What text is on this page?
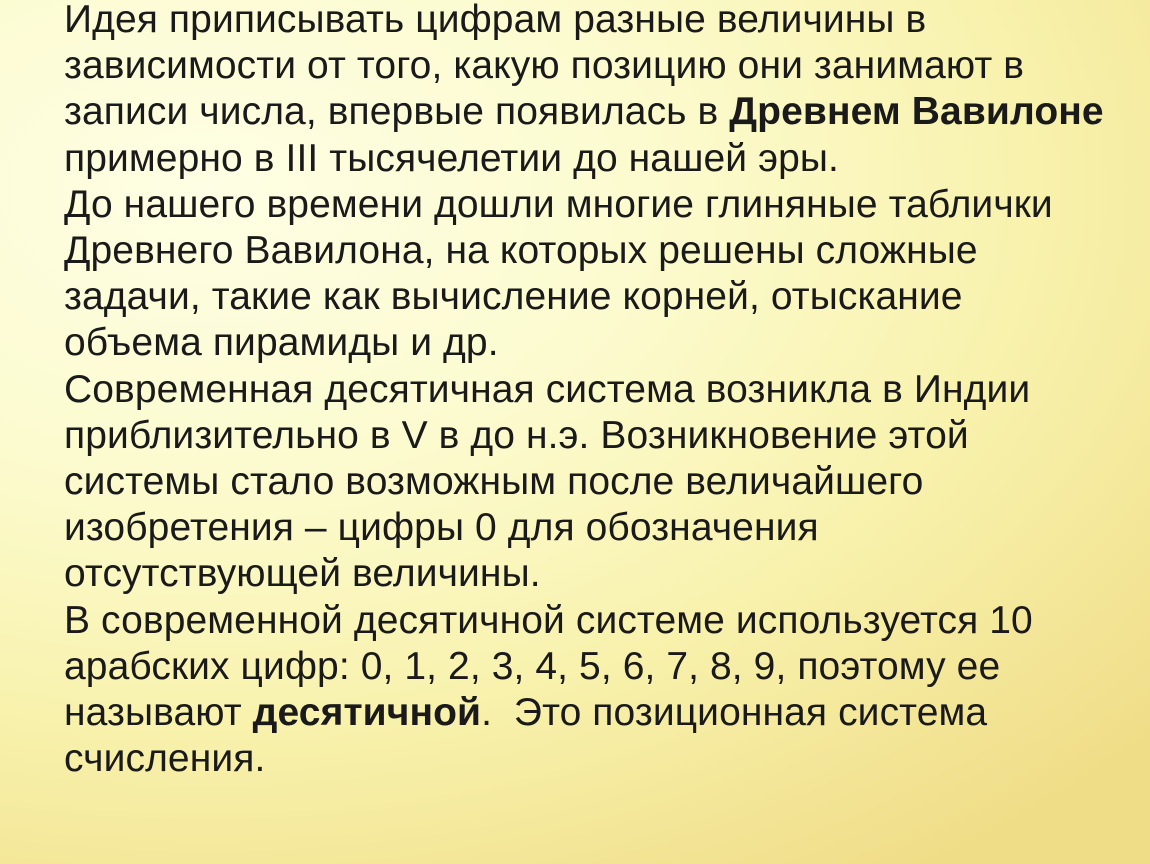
Идея приписывать цифрам разные величины в
зависимости от того, какую позицию они занимают в
записи числа, впервые появилась в Древнем Вавилоне
примерно в III тысячелетии до нашей эры.
До нашего времени дошли многие глиняные таблички
Древнего Вавилона, на которых решены сложные
задачи, такие как вычисление корней, отыскание
объема пирамиды и др.
Современная десятичная система возникла в Индии
приблизительно в V в до н.э. Возникновение этой
системы стало возможным после величайшего
изобретения – цифры 0 для обозначения
отсутствующей величины.
В современной десятичной системе используется 10
арабских цифр: 0, 1, 2, 3, 4, 5, 6, 7, 8, 9, поэтому ее
называют десятичной.  Это позиционная система
счисления.
